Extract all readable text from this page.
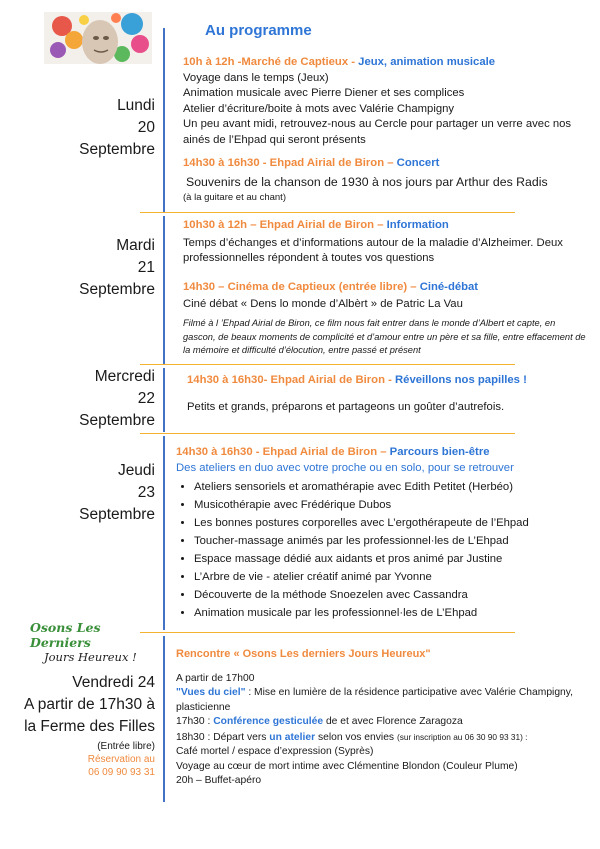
Au programme
Lundi
20
Septembre
10h à 12h -Marché de Captieux - Jeux, animation musicale
Voyage dans le temps (Jeux)
Animation musicale avec Pierre Diener et ses complices
Atelier d’écriture/boite à mots avec Valérie Champigny
Un peu avant midi, retrouvez-nous au Cercle pour partager un verre avec nos ainés de l’Ehpad qui seront présents
14h30 à 16h30 - Ehpad Airial de Biron – Concert
Souvenirs de la chanson de 1930 à nos jours par Arthur des Radis
(à la guitare et au chant)
Mardi
21
Septembre
10h30 à 12h – Ehpad Airial de Biron – Information
Temps d’échanges et d’informations autour de la maladie d’Alzheimer. Deux professionnelles répondent à toutes vos questions
14h30 – Cinéma de Captieux (entrée libre) – Ciné-débat
Ciné débat « Dens lo monde d’Albèrt » de Patric La Vau
Filmé à l ’Ehpad Airial de Biron, ce film nous fait entrer dans le monde d’Albert et capte, en gascon, de beaux moments de complicité et d’amour entre un père et sa fille, entre effacement de la mémoire et difficulté d’élocution, entre passé et présent
Mercredi
22
Septembre
14h30 à 16h30- Ehpad Airial de Biron - Réveillons nos papilles !
Petits et grands, préparons et partageons un goûter d’autrefois.
Jeudi
23
Septembre
14h30 à 16h30 - Ehpad Airial de Biron – Parcours bien-être
Des ateliers en duo avec votre proche ou en solo, pour se retrouver
• Ateliers sensoriels et aromathérapie avec Edith Petitet (Herbéo)
• Musicothérapie avec Frédérique Dubos
• Les bonnes postures corporelles avec L’ergothérapeute de l’Ehpad
• Toucher-massage animés par les professionnel·les de L’Ehpad
• Espace massage dédié aux aidants et pros animé par Justine
• L’Arbre de vie - atelier créatif animé par Yvonne
• Découverte de la méthode Snoezelen avec Cassandra
• Animation musicale par les professionnel·les de L’Ehpad
Osons Les Derniers
Jours Heureux !
Vendredi 24
A partir de 17h30 à
la Ferme des Filles
(Entrée libre)
Réservation au
06 09 90 93 31
Rencontre « Osons Les derniers Jours Heureux"
A partir de 17h00
"Vues du ciel" : Mise en lumière de la résidence participative avec Valérie Champigny, plasticienne
17h30 : Conférence gesticulée de et avec Florence Zaragoza
18h30 : Départ vers un atelier selon vos envies (sur inscription au 06 30 90 93 31) :
Café mortel / espace d’expression (Syprès)
Voyage au cœur de mort intime avec Clémentine Blondon (Couleur Plume)
20h – Buffet-apéro
